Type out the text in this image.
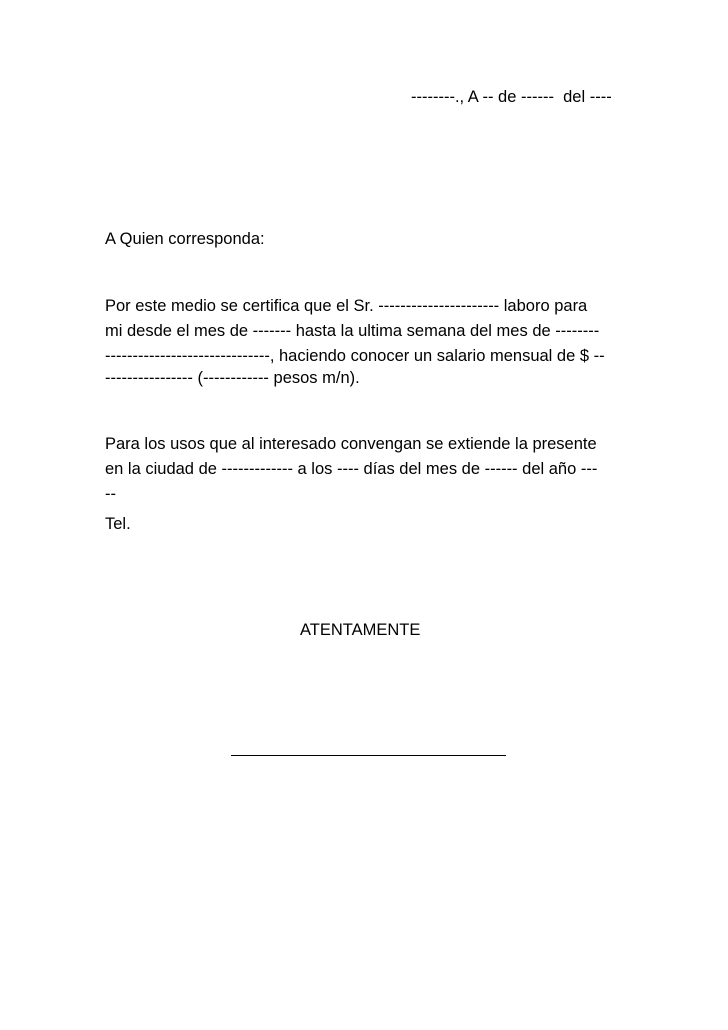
--------., A -- de ------  del ----
A Quien corresponda:
Por este medio se certifica que el Sr. ---------------------- laboro para
mi desde el mes de ------- hasta la ultima semana del mes de --------
------------------------------, haciendo conocer un salario mensual de $ --
---------------- (------------ pesos m/n).
Para los usos que al interesado convengan se extiende la presente
en la ciudad de ------------- a los ---- días del mes de ------ del año ---
--
Tel.
ATENTAMENTE
